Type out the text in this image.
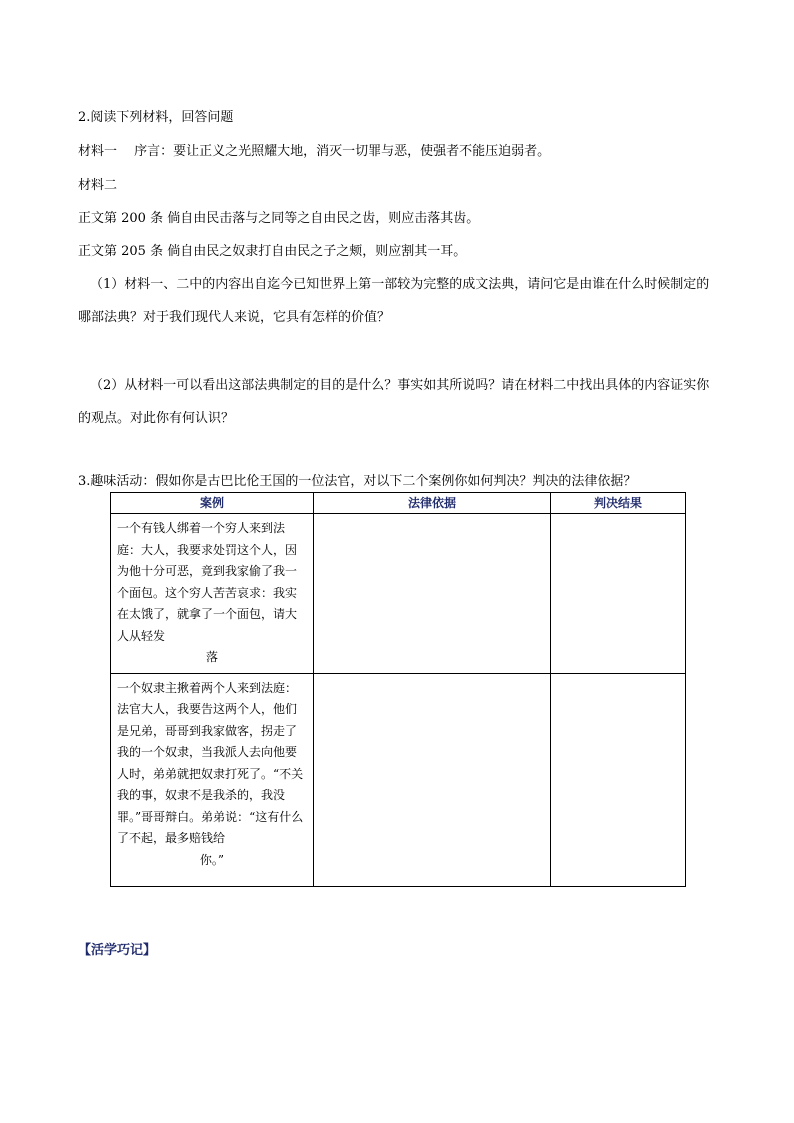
2.阅读下列材料，回答问题
材料一　 序言：要让正义之光照耀大地，消灭一切罪与恶，使强者不能压迫弱者。
材料二
正文第 200 条 倘自由民击落与之同等之自由民之齿，则应击落其齿。
正文第 205 条 倘自由民之奴隶打自由民之子之颊，则应割其一耳。
（1）材料一、二中的内容出自迄今已知世界上第一部较为完整的成文法典，请问它是由谁在什么时候制定的哪部法典？对于我们现代人来说，它具有怎样的价值？
（2）从材料一可以看出这部法典制定的目的是什么？事实如其所说吗？请在材料二中找出具体的内容证实你的观点。对此你有何认识？
3.趣味活动：假如你是古巴比伦王国的一位法官，对以下二个案例你如何判决？判决的法律依据？
案例	法律依据	判决结果
一个有钱人绑着一个穷人来到法庭：大人，我要求处罚这个人，因为他十分可恶，竟到我家偷了我一个面包。这个穷人苦苦哀求：我实在太饿了，就拿了一个面包，请大人从轻发
落		

一个奴隶主揪着两个人来到法庭：法官大人，我要告这两个人，他们是兄弟，哥哥到我家做客，拐走了我的一个奴隶，当我派人去向他要人时，弟弟就把奴隶打死了。“不关我的事，奴隶不是我杀的，我没罪。”哥哥辩白。弟弟说：“这有什么了不起，最多赔钱给
你。”		

【活学巧记】
